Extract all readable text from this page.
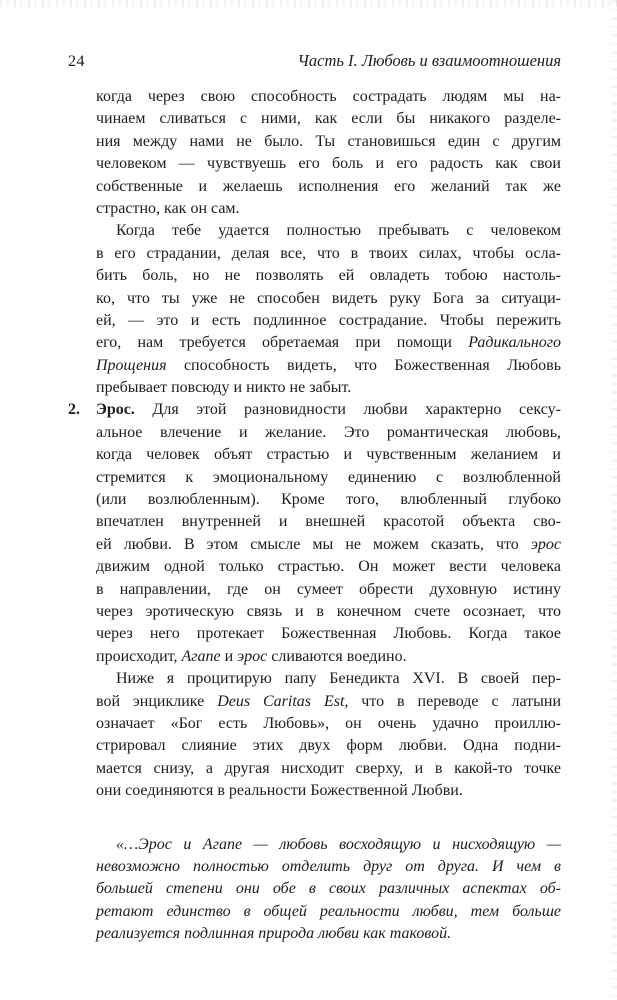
24	Часть I. Любовь и взаимоотношения
когда через свою способность сострадать людям мы на-
чинаем сливаться с ними, как если бы никакого разделе-
ния между нами не было. Ты становишься един с другим
человеком — чувствуешь его боль и его радость как свои
собственные и желаешь исполнения его желаний так же
страстно, как он сам.
Когда тебе удается полностью пребывать с человеком
в его страдании, делая все, что в твоих силах, чтобы осла-
бить боль, но не позволять ей овладеть тобою настоль-
ко, что ты уже не способен видеть руку Бога за ситуаци-
ей, — это и есть подлинное сострадание. Чтобы пережить
его, нам требуется обретаемая при помощи Радикального
Прощения способность видеть, что Божественная Любовь
пребывает повсюду и никто не забыт.
2. Эрос. Для этой разновидности любви характерно сексу-
альное влечение и желание. Это романтическая любовь,
когда человек объят страстью и чувственным желанием и
стремится к эмоциональному единению с возлюбленной
(или возлюбленным). Кроме того, влюбленный глубоко
впечатлен внутренней и внешней красотой объекта сво-
ей любви. В этом смысле мы не можем сказать, что эрос
движим одной только страстью. Он может вести человека
в направлении, где он сумеет обрести духовную истину
через эротическую связь и в конечном счете осознает, что
через него протекает Божественная Любовь. Когда такое
происходит, Агапе и эрос сливаются воедино.
Ниже я процитирую папу Бенедикта XVI. В своей пер-
вой энциклике Deus Caritas Est, что в переводе с латыни
означает «Бог есть Любовь», он очень удачно проиллю-
стрировал слияние этих двух форм любви. Одна подни-
мается снизу, а другая нисходит сверху, и в какой-то точке
они соединяются в реальности Божественной Любви.
«…Эрос и Агапе — любовь восходящую и нисходящую —
невозможно полностью отделить друг от друга. И чем в
большей степени они обе в своих различных аспектах об-
ретают единство в общей реальности любви, тем больше
реализуется подлинная природа любви как таковой.
